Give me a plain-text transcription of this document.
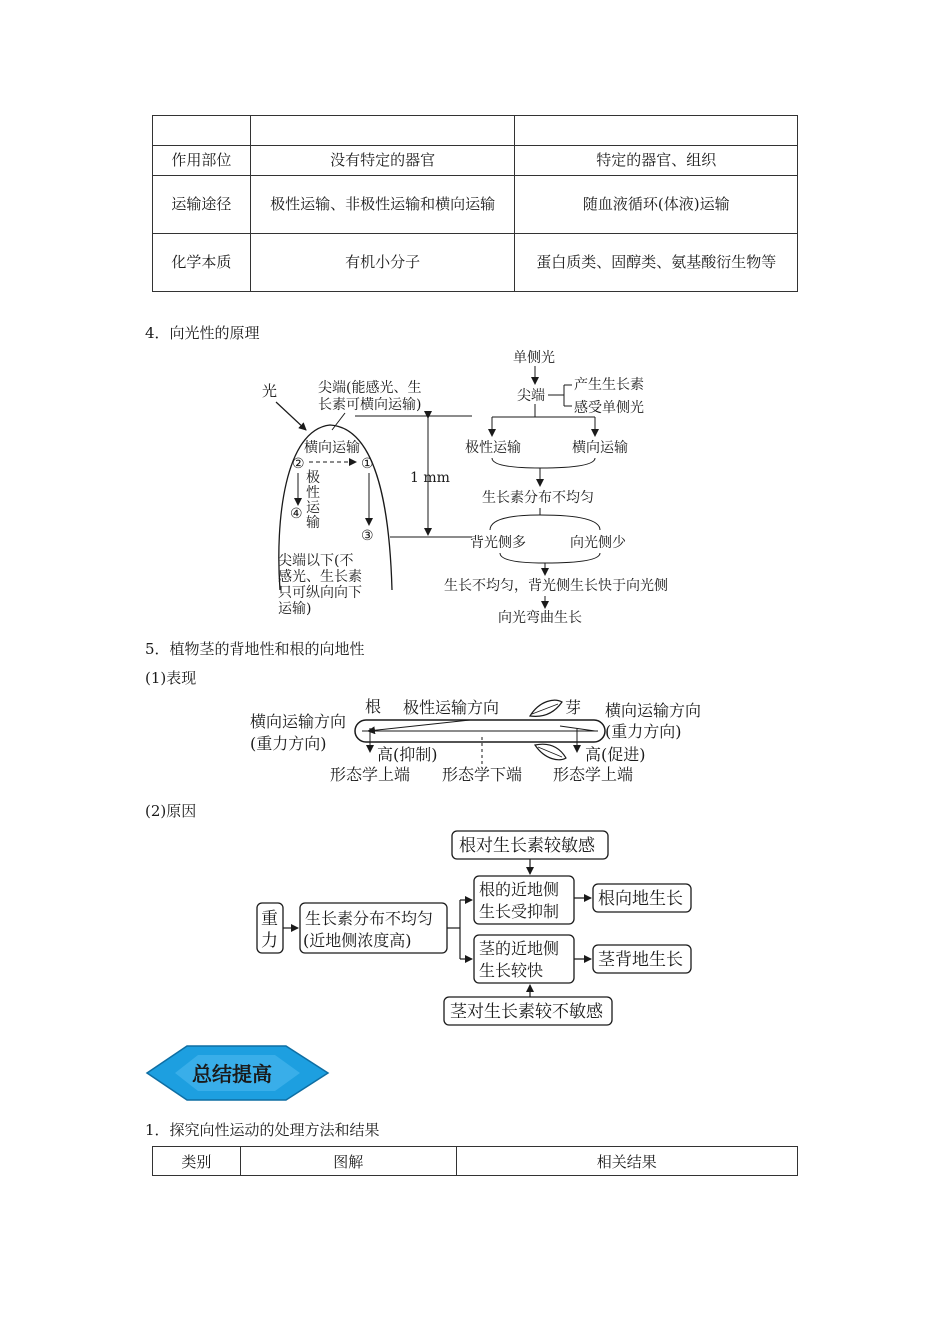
作用部位	没有特定的器官	特定的器官、组织
运输途径	极性运输、非极性运输和横向运输	随血液循环(体液)运输
化学本质	有机小分子	蛋白质类、固醇类、氨基酸衍生物等
4．向光性的原理
光	尖端(能感光、生
长素可横向运输)
横向运输
②	①
极
性
运
输
④
③
尖端以下(不
感光、生长素
只可纵向向下
运输)
1 mm
单侧光
尖端
产生生长素
感受单侧光
极性运输	横向运输
生长素分布不均匀
背光侧多	向光侧少
生长不均匀，背光侧生长快于向光侧
向光弯曲生长
5．植物茎的背地性和根的向地性
(1)表现
横向运输方向
(重力方向)
根 极性运输方向	芽 横向运输方向
(重力方向)
高(抑制)	高(促进)
形态学上端 形态学下端 形态学上端
(2)原因
根对生长素较敏感
重
力
生长素分布不均匀
(近地侧浓度高)
根的近地侧
生长受抑制
根向地生长
茎的近地侧
生长较快
茎背地生长
茎对生长素较不敏感
总结提高
1．探究向性运动的处理方法和结果
类别	图解	相关结果
